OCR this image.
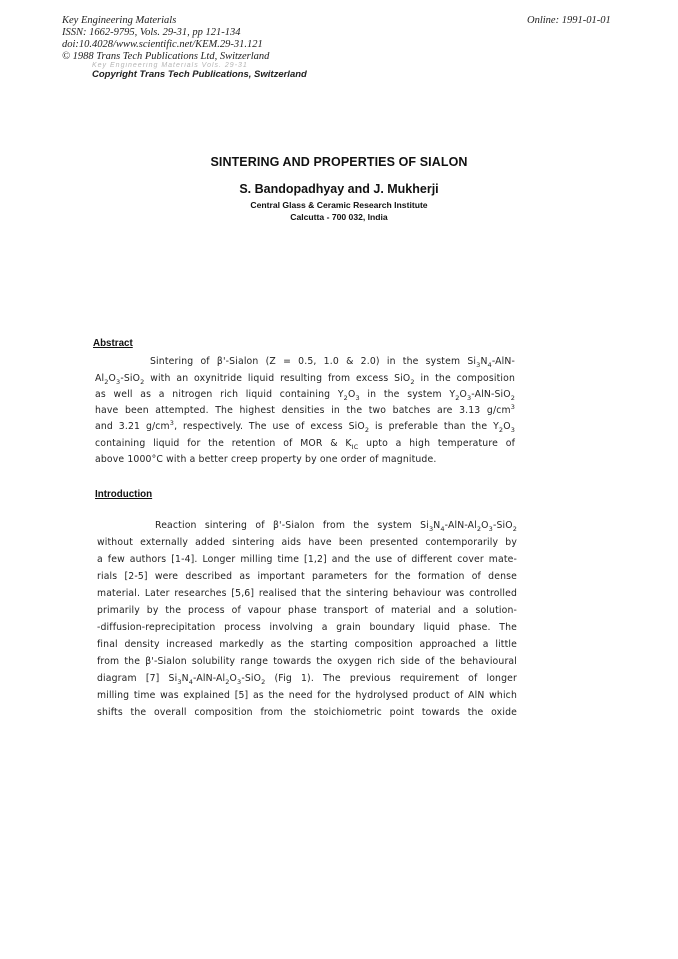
Key Engineering Materials
ISSN: 1662-9795, Vols. 29-31, pp 121-134
doi:10.4028/www.scientific.net/KEM.29-31.121
© 1988 Trans Tech Publications Ltd, Switzerland
Online: 1991-01-01
Key Engineering Materials Vols. 29-31
Copyright Trans Tech Publications, Switzerland
SINTERING AND PROPERTIES OF SIALON
S. Bandopadhyay and J. Mukherji
Central Glass & Ceramic Research Institute
Calcutta - 700 032, India
Abstract
Sintering of β'-Sialon (Z = 0.5, 1.0 & 2.0) in the system $Si_3N_4-AlN-$
$Al_2O_3-SiO_2$ with an oxynitride liquid resulting from excess SiO$_2$ in the composition
as well as a nitrogen rich liquid containing $Y_2O_3$ in the system $Y_2O_3-AlN-SiO_2$
have been attempted. The highest densities in the two batches are 3.13 $g/cm^3$
and 3.21 $g/cm^3$, respectively. The use of excess SiO$_2$ is preferable than the $Y_2O_3$
containing liquid for the retention of MOR & $K_{IC}$ upto a high temperature of
above 1000°C with a better creep property by one order of magnitude.
Introduction
Reaction sintering of β'-Sialon from the system $Si_3N_4-AlN-Al_2O_3-SiO_2$
without externally added sintering aids have been presented contemporarily by
a few authors [1-4]. Longer milling time [1,2] and the use of different cover mate-
rials [2-5] were described as important parameters for the formation of dense
material. Later researches [5,6] realised that the sintering behaviour was controlled
primarily by the process of vapour phase transport of material and a solution-
-diffusion-reprecipitation process involving a grain boundary liquid phase. The
final density increased markedly as the starting composition approached a little
from the β'-Sialon solubility range towards the oxygen rich side of the behavioural
diagram [7] $Si_3N_4-AlN-Al_2O_3-SiO_2$ (Fig 1). The previous requirement of longer
milling time was explained [5] as the need for the hydrolysed product of AlN which
shifts the overall composition from the stoichiometric point towards the oxide
